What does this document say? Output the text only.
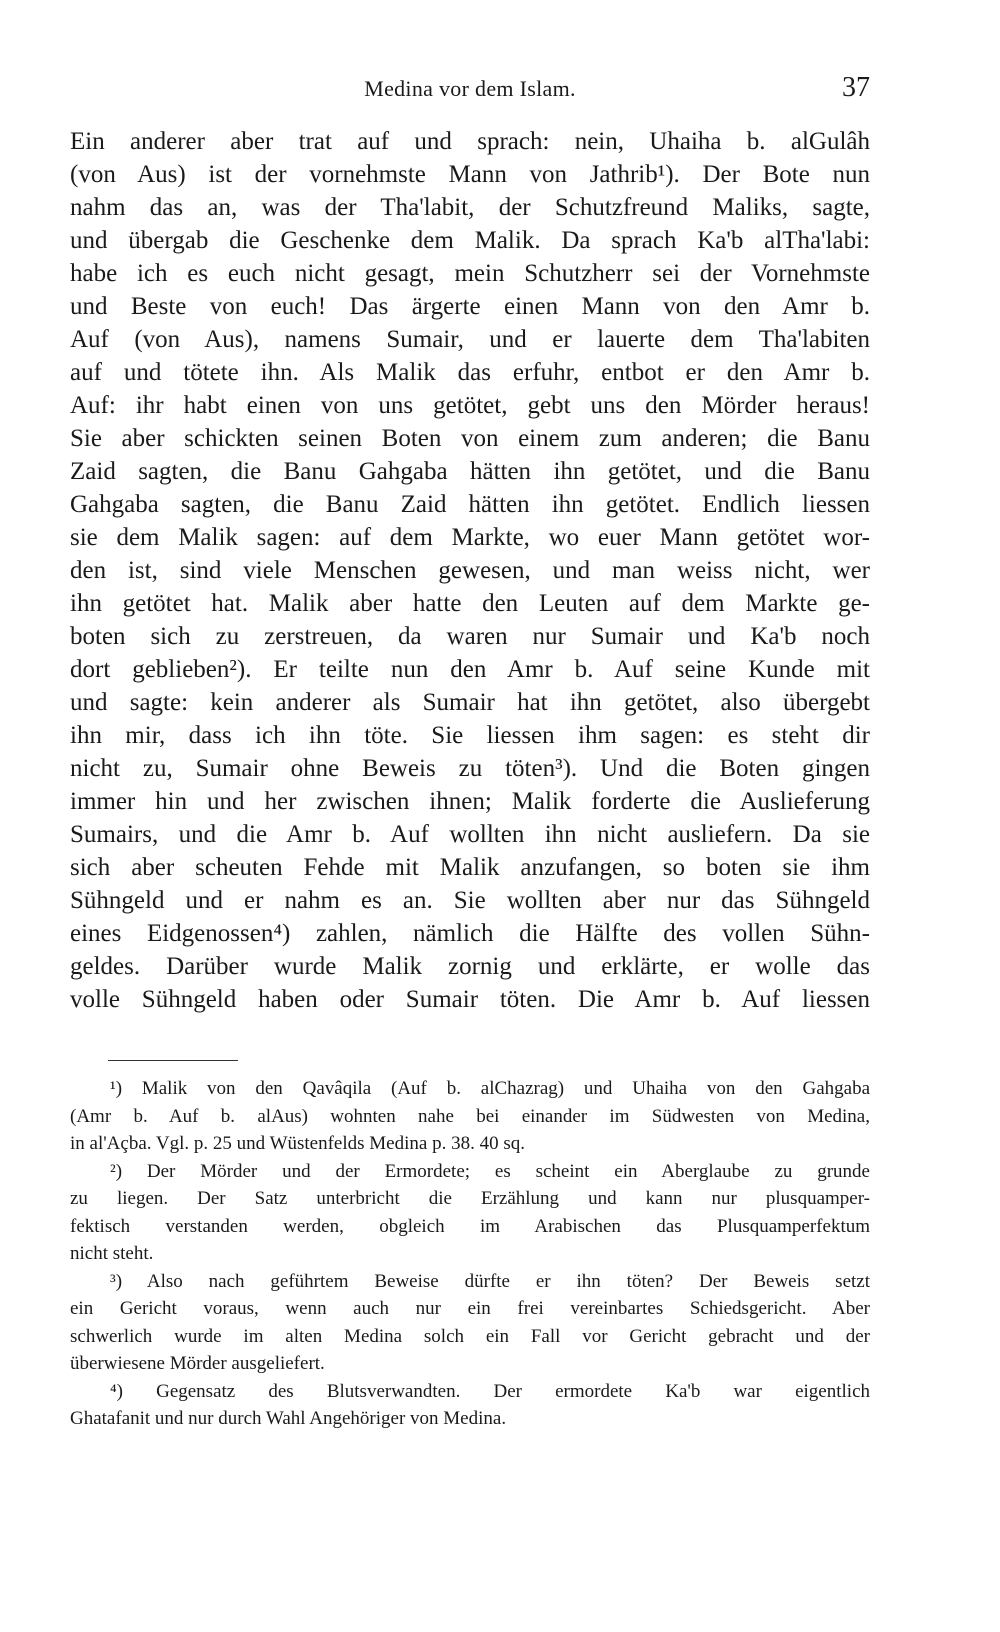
Medina vor dem Islam.	37
Ein anderer aber trat auf und sprach: nein, Uhaiha b. alGulâh
(von Aus) ist der vornehmste Mann von Jathrib¹). Der Bote nun
nahm das an, was der Tha'labit, der Schutzfreund Maliks, sagte,
und übergab die Geschenke dem Malik. Da sprach Ka'b alTha'labi:
habe ich es euch nicht gesagt, mein Schutzherr sei der Vornehmste
und Beste von euch! Das ärgerte einen Mann von den Amr b.
Auf (von Aus), namens Sumair, und er lauerte dem Tha'labiten
auf und tötete ihn. Als Malik das erfuhr, entbot er den Amr b.
Auf: ihr habt einen von uns getötet, gebt uns den Mörder heraus!
Sie aber schickten seinen Boten von einem zum anderen; die Banu
Zaid sagten, die Banu Gahgaba hätten ihn getötet, und die Banu
Gahgaba sagten, die Banu Zaid hätten ihn getötet. Endlich liessen
sie dem Malik sagen: auf dem Markte, wo euer Mann getötet wor-
den ist, sind viele Menschen gewesen, und man weiss nicht, wer
ihn getötet hat. Malik aber hatte den Leuten auf dem Markte ge-
boten sich zu zerstreuen, da waren nur Sumair und Ka'b noch
dort geblieben²). Er teilte nun den Amr b. Auf seine Kunde mit
und sagte: kein anderer als Sumair hat ihn getötet, also übergebt
ihn mir, dass ich ihn töte. Sie liessen ihm sagen: es steht dir
nicht zu, Sumair ohne Beweis zu töten³). Und die Boten gingen
immer hin und her zwischen ihnen; Malik forderte die Auslieferung
Sumairs, und die Amr b. Auf wollten ihn nicht ausliefern. Da sie
sich aber scheuten Fehde mit Malik anzufangen, so boten sie ihm
Sühngeld und er nahm es an. Sie wollten aber nur das Sühngeld
eines Eidgenossen⁴) zahlen, nämlich die Hälfte des vollen Sühn-
geldes. Darüber wurde Malik zornig und erklärte, er wolle das
volle Sühngeld haben oder Sumair töten. Die Amr b. Auf liessen
¹) Malik von den Qavâqila (Auf b. alChazrag) und Uhaiha von den Gahgaba
(Amr b. Auf b. alAus) wohnten nahe bei einander im Südwesten von Medina,
in al'Açba. Vgl. p. 25 und Wüstenfelds Medina p. 38. 40 sq.
²) Der Mörder und der Ermordete; es scheint ein Aberglaube zu grunde
zu liegen. Der Satz unterbricht die Erzählung und kann nur plusquamper-
fektisch verstanden werden, obgleich im Arabischen das Plusquamperfektum
nicht steht.
³) Also nach geführtem Beweise dürfte er ihn töten? Der Beweis setzt
ein Gericht voraus, wenn auch nur ein frei vereinbartes Schiedsgericht. Aber
schwerlich wurde im alten Medina solch ein Fall vor Gericht gebracht und der
überwiesene Mörder ausgeliefert.
⁴) Gegensatz des Blutsverwandten. Der ermordete Ka'b war eigentlich
Ghatafanit und nur durch Wahl Angehöriger von Medina.
